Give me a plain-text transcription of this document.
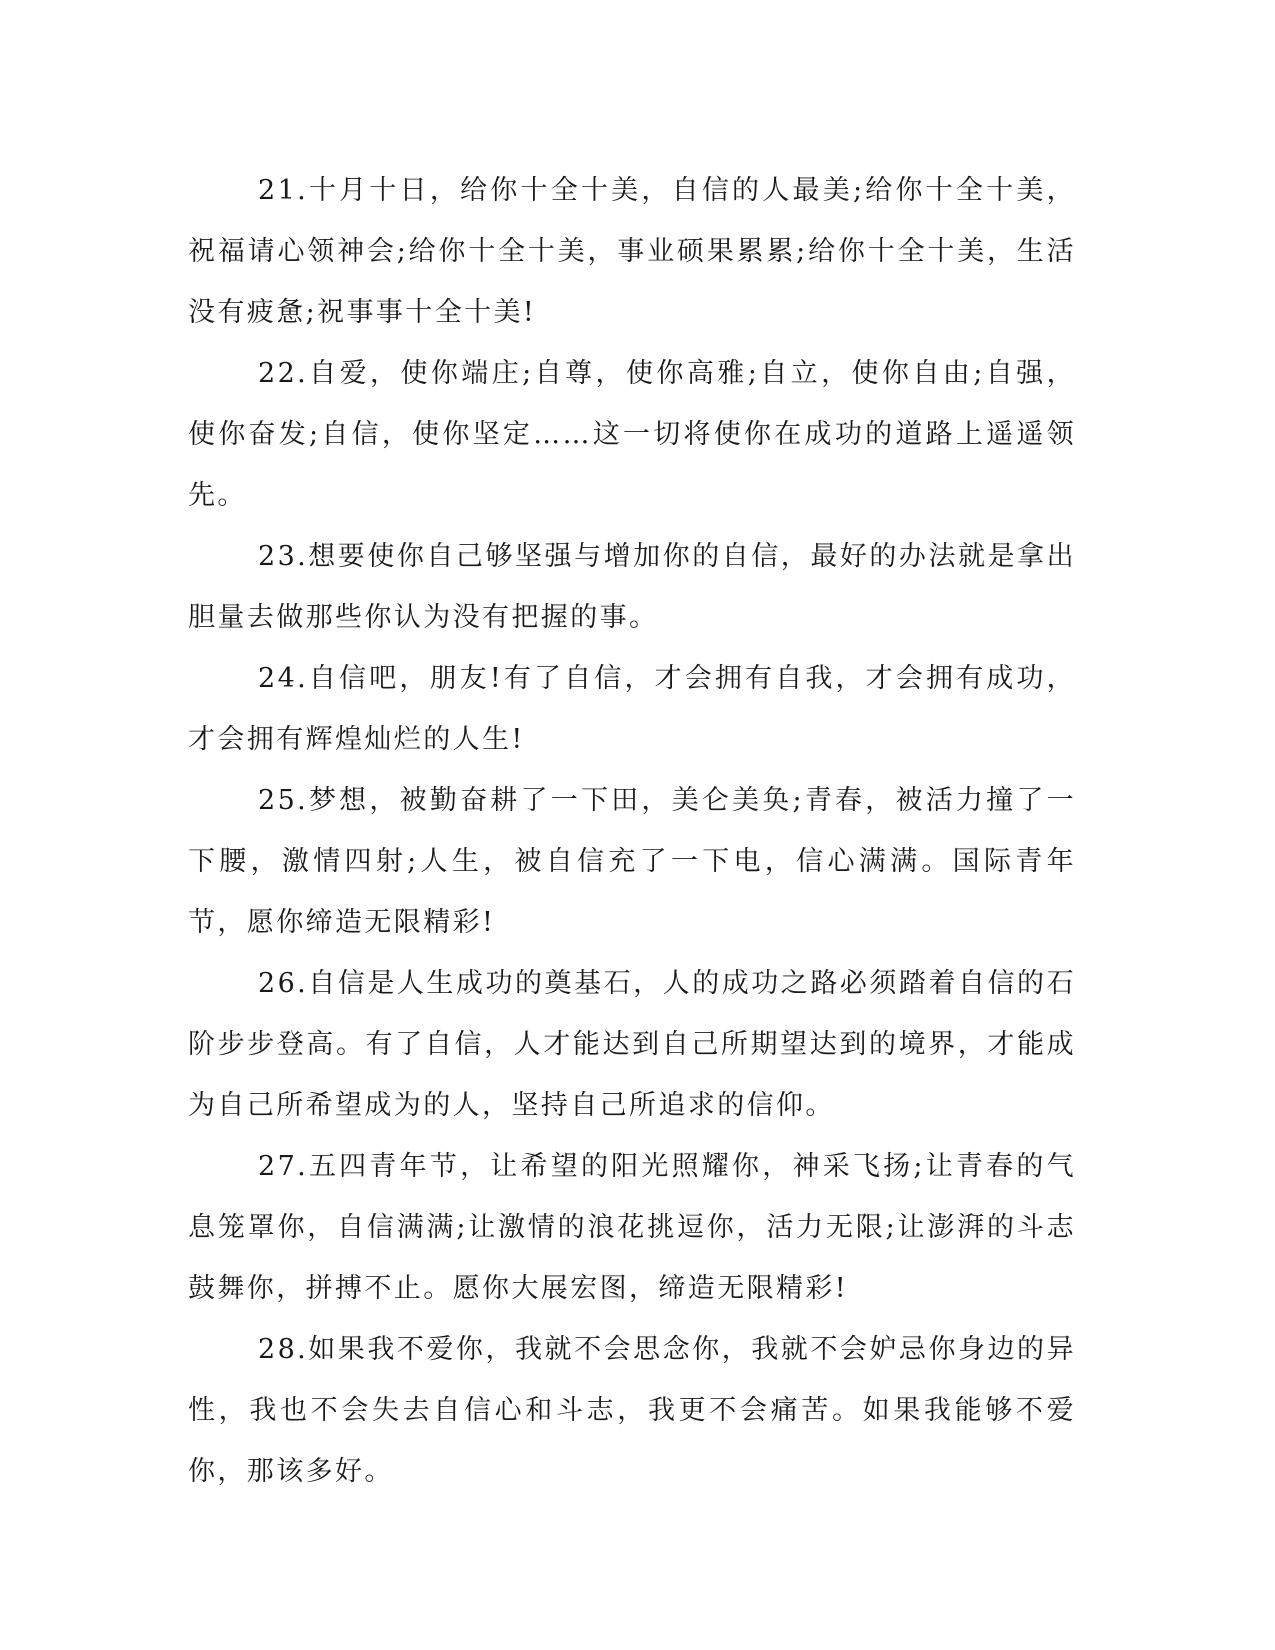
21.十月十日，给你十全十美，自信的人最美;给你十全十美，祝福请心领神会;给你十全十美，事业硕果累累;给你十全十美，生活没有疲惫;祝事事十全十美!

22.自爱，使你端庄;自尊，使你高雅;自立，使你自由;自强，使你奋发;自信，使你坚定……这一切将使你在成功的道路上遥遥领先。

23.想要使你自己够坚强与增加你的自信，最好的办法就是拿出胆量去做那些你认为没有把握的事。

24.自信吧，朋友!有了自信，才会拥有自我，才会拥有成功，才会拥有辉煌灿烂的人生!

25.梦想，被勤奋耕了一下田，美仑美奂;青春，被活力撞了一下腰，激情四射;人生，被自信充了一下电，信心满满。国际青年节，愿你缔造无限精彩!

26.自信是人生成功的奠基石，人的成功之路必须踏着自信的石阶步步登高。有了自信，人才能达到自己所期望达到的境界，才能成为自己所希望成为的人，坚持自己所追求的信仰。

27.五四青年节，让希望的阳光照耀你，神采飞扬;让青春的气息笼罩你，自信满满;让激情的浪花挑逗你，活力无限;让澎湃的斗志鼓舞你，拼搏不止。愿你大展宏图，缔造无限精彩!

28.如果我不爱你，我就不会思念你，我就不会妒忌你身边的异性，我也不会失去自信心和斗志，我更不会痛苦。如果我能够不爱你，那该多好。
